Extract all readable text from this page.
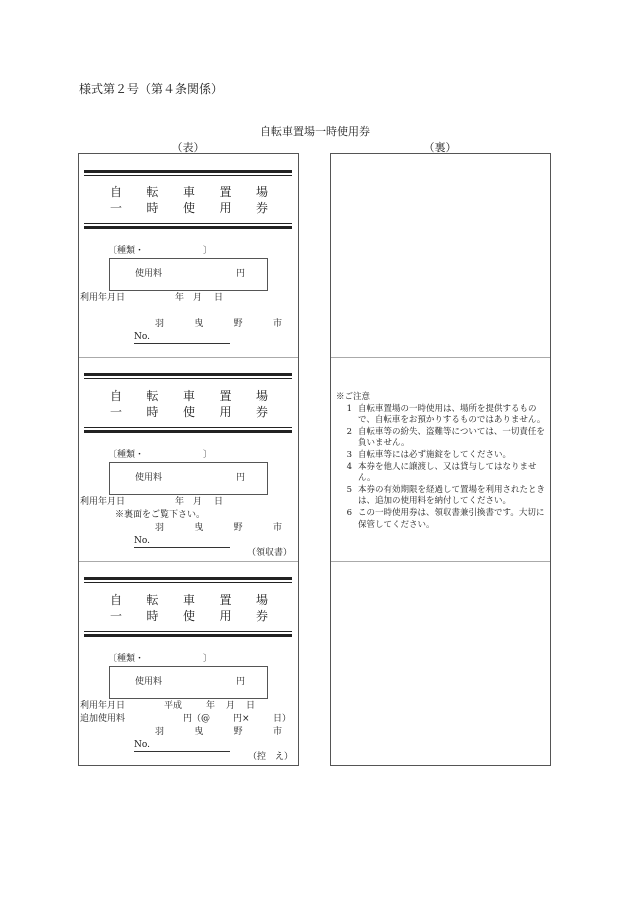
様式第２号（第４条関係）
自転車置場一時使用券
（表）	（裏）
自 転 車 置 場
一 時 使 用 券
〔種類・	〕
使用料	円
利用年月日	年 月 日
羽	曳	野	市
No.
自 転 車 置 場
一 時 使 用 券
〔種類・	〕
使用料	円
利用年月日	年 月 日
※裏面をご覧下さい。
羽	曳	野	市
No.
（領収書）
自 転 車 置 場
一 時 使 用 券
〔種類・	〕
使用料	円
利用年月日	平成	年 月 日
追加使用料	円（@	円×	日）
羽	曳	野	市
No.
（控　え）
※ご注意
1 自転車置場の一時使用は、場所を提供するもので、自転車をお預かりするものではありません。
2 自転車等の紛失、盗難等については、一切責任を負いません。
3 自転車等には必ず施錠をしてください。
4 本券を他人に譲渡し、又は貸与してはなりません。
5 本券の有効期限を経過して置場を利用されたときは、追加の使用料を納付してください。
6 この一時使用券は、領収書兼引換書です。大切に保管してください。
